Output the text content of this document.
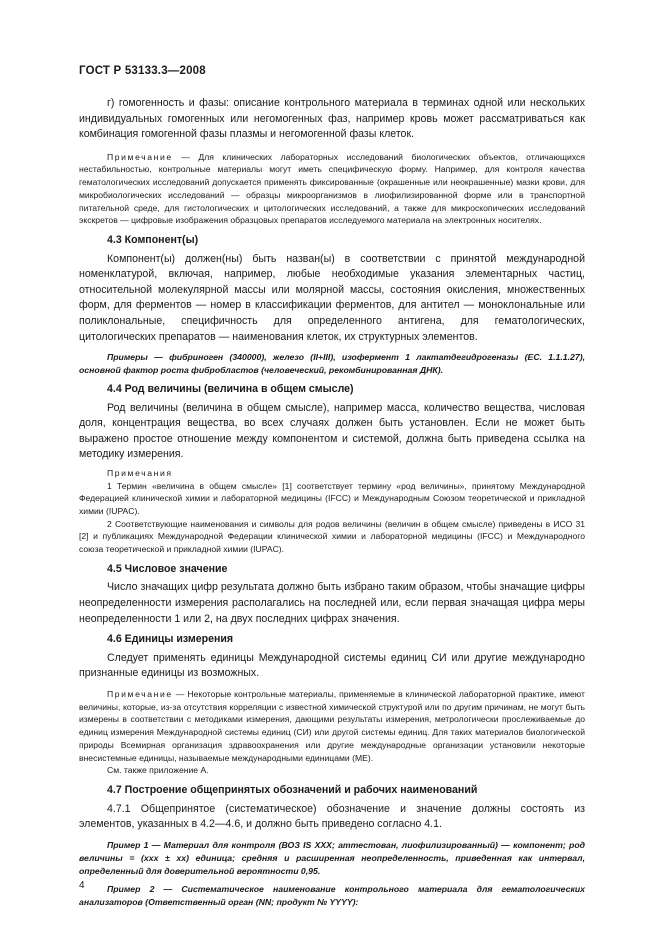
ГОСТ Р 53133.3—2008

г) гомогенность и фазы: описание контрольного материала в терминах одной или нескольких индивидуальных гомогенных или негомогенных фаз, например кровь может рассматриваться как комбинация гомогенной фазы плазмы и негомогенной фазы клеток.

Примечание — Для клинических лабораторных исследований биологических объектов, отличающихся нестабильностью, контрольные материалы могут иметь специфическую форму. Например, для контроля качества гематологических исследований допускается применять фиксированные (окрашенные или неокрашенные) мазки крови, для микробиологических исследований — образцы микроорганизмов в лиофилизированной форме или в транспортной питательной среде, для гистологических и цитологических исследований, а также для микроскопических исследований экскретов — цифровые изображения образцовых препаратов исследуемого материала на электронных носителях.

4.3 Компонент(ы)

Компонент(ы) должен(ны) быть назван(ы) в соответствии с принятой международной номенклатурой, включая, например, любые необходимые указания элементарных частиц, относительной молекулярной массы или молярной массы, состояния окисления, множественных форм, для ферментов — номер в классификации ферментов, для антител — моноклональные или поликлональные, специфичность для определенного антигена, для гематологических, цитологических препаратов — наименования клеток, их структурных элементов.

Примеры — фибриноген (340000), железо (II+III), изофермент 1 лактатдегидрогеназы (EC. 1.1.1.27), основной фактор роста фибробластов (человеческий, рекомбинированная ДНК).

4.4 Род величины (величина в общем смысле)

Род величины (величина в общем смысле), например масса, количество вещества, числовая доля, концентрация вещества, во всех случаях должен быть установлен. Если не может быть выражено простое отношение между компонентом и системой, должна быть приведена ссылка на методику измерения.

Примечания

1 Термин «величина в общем смысле» [1] соответствует термину «род величины», принятому Международной Федерацией клинической химии и лабораторной медицины (IFCC) и Международным Союзом теоретической и прикладной химии (IUPAC).

2 Соответствующие наименования и символы для родов величины (величин в общем смысле) приведены в ИСО 31 [2] и публикациях Международной Федерации клинической химии и лабораторной медицины (IFCC) и Международного союза теоретической и прикладной химии (IUPAC).

4.5 Числовое значение

Число значащих цифр результата должно быть избрано таким образом, чтобы значащие цифры неопределенности измерения располагались на последней или, если первая значащая цифра меры неопределенности 1 или 2, на двух последних цифрах значения.

4.6 Единицы измерения

Следует применять единицы Международной системы единиц СИ или другие международно признанные единицы из возможных.

Примечание — Некоторые контрольные материалы, применяемые в клинической лабораторной практике, имеют величины, которые, из-за отсутствия корреляции с известной химической структурой или по другим причинам, не могут быть измерены в соответствии с методиками измерения, дающими результаты измерения, метрологически прослеживаемые до единиц измерения Международной системы единиц (СИ) или другой системы единиц. Для таких материалов биологической природы Всемирная организация здравоохранения или другие международные организации установили некоторые внесистемные единицы, называемые международными единицами (МЕ).

См. также приложение А.

4.7 Построение общепринятых обозначений и рабочих наименований

4.7.1 Общепринятое (систематическое) обозначение и значение должны состоять из элементов, указанных в 4.2—4.6, и должно быть приведено согласно 4.1.

Пример 1 — Материал для контроля (ВОЗ IS XXX; аттестован, лиофилизированный) — компонент; род величины = (xxx ± xx) единица; средняя и расширенная неопределенность, приведенная как интервал, определенный для доверительной вероятности 0,95.

Пример 2 — Систематическое наименование контрольного материала для гематологических анализаторов (Ответственный орган (NN; продукт № YYYY):

4
